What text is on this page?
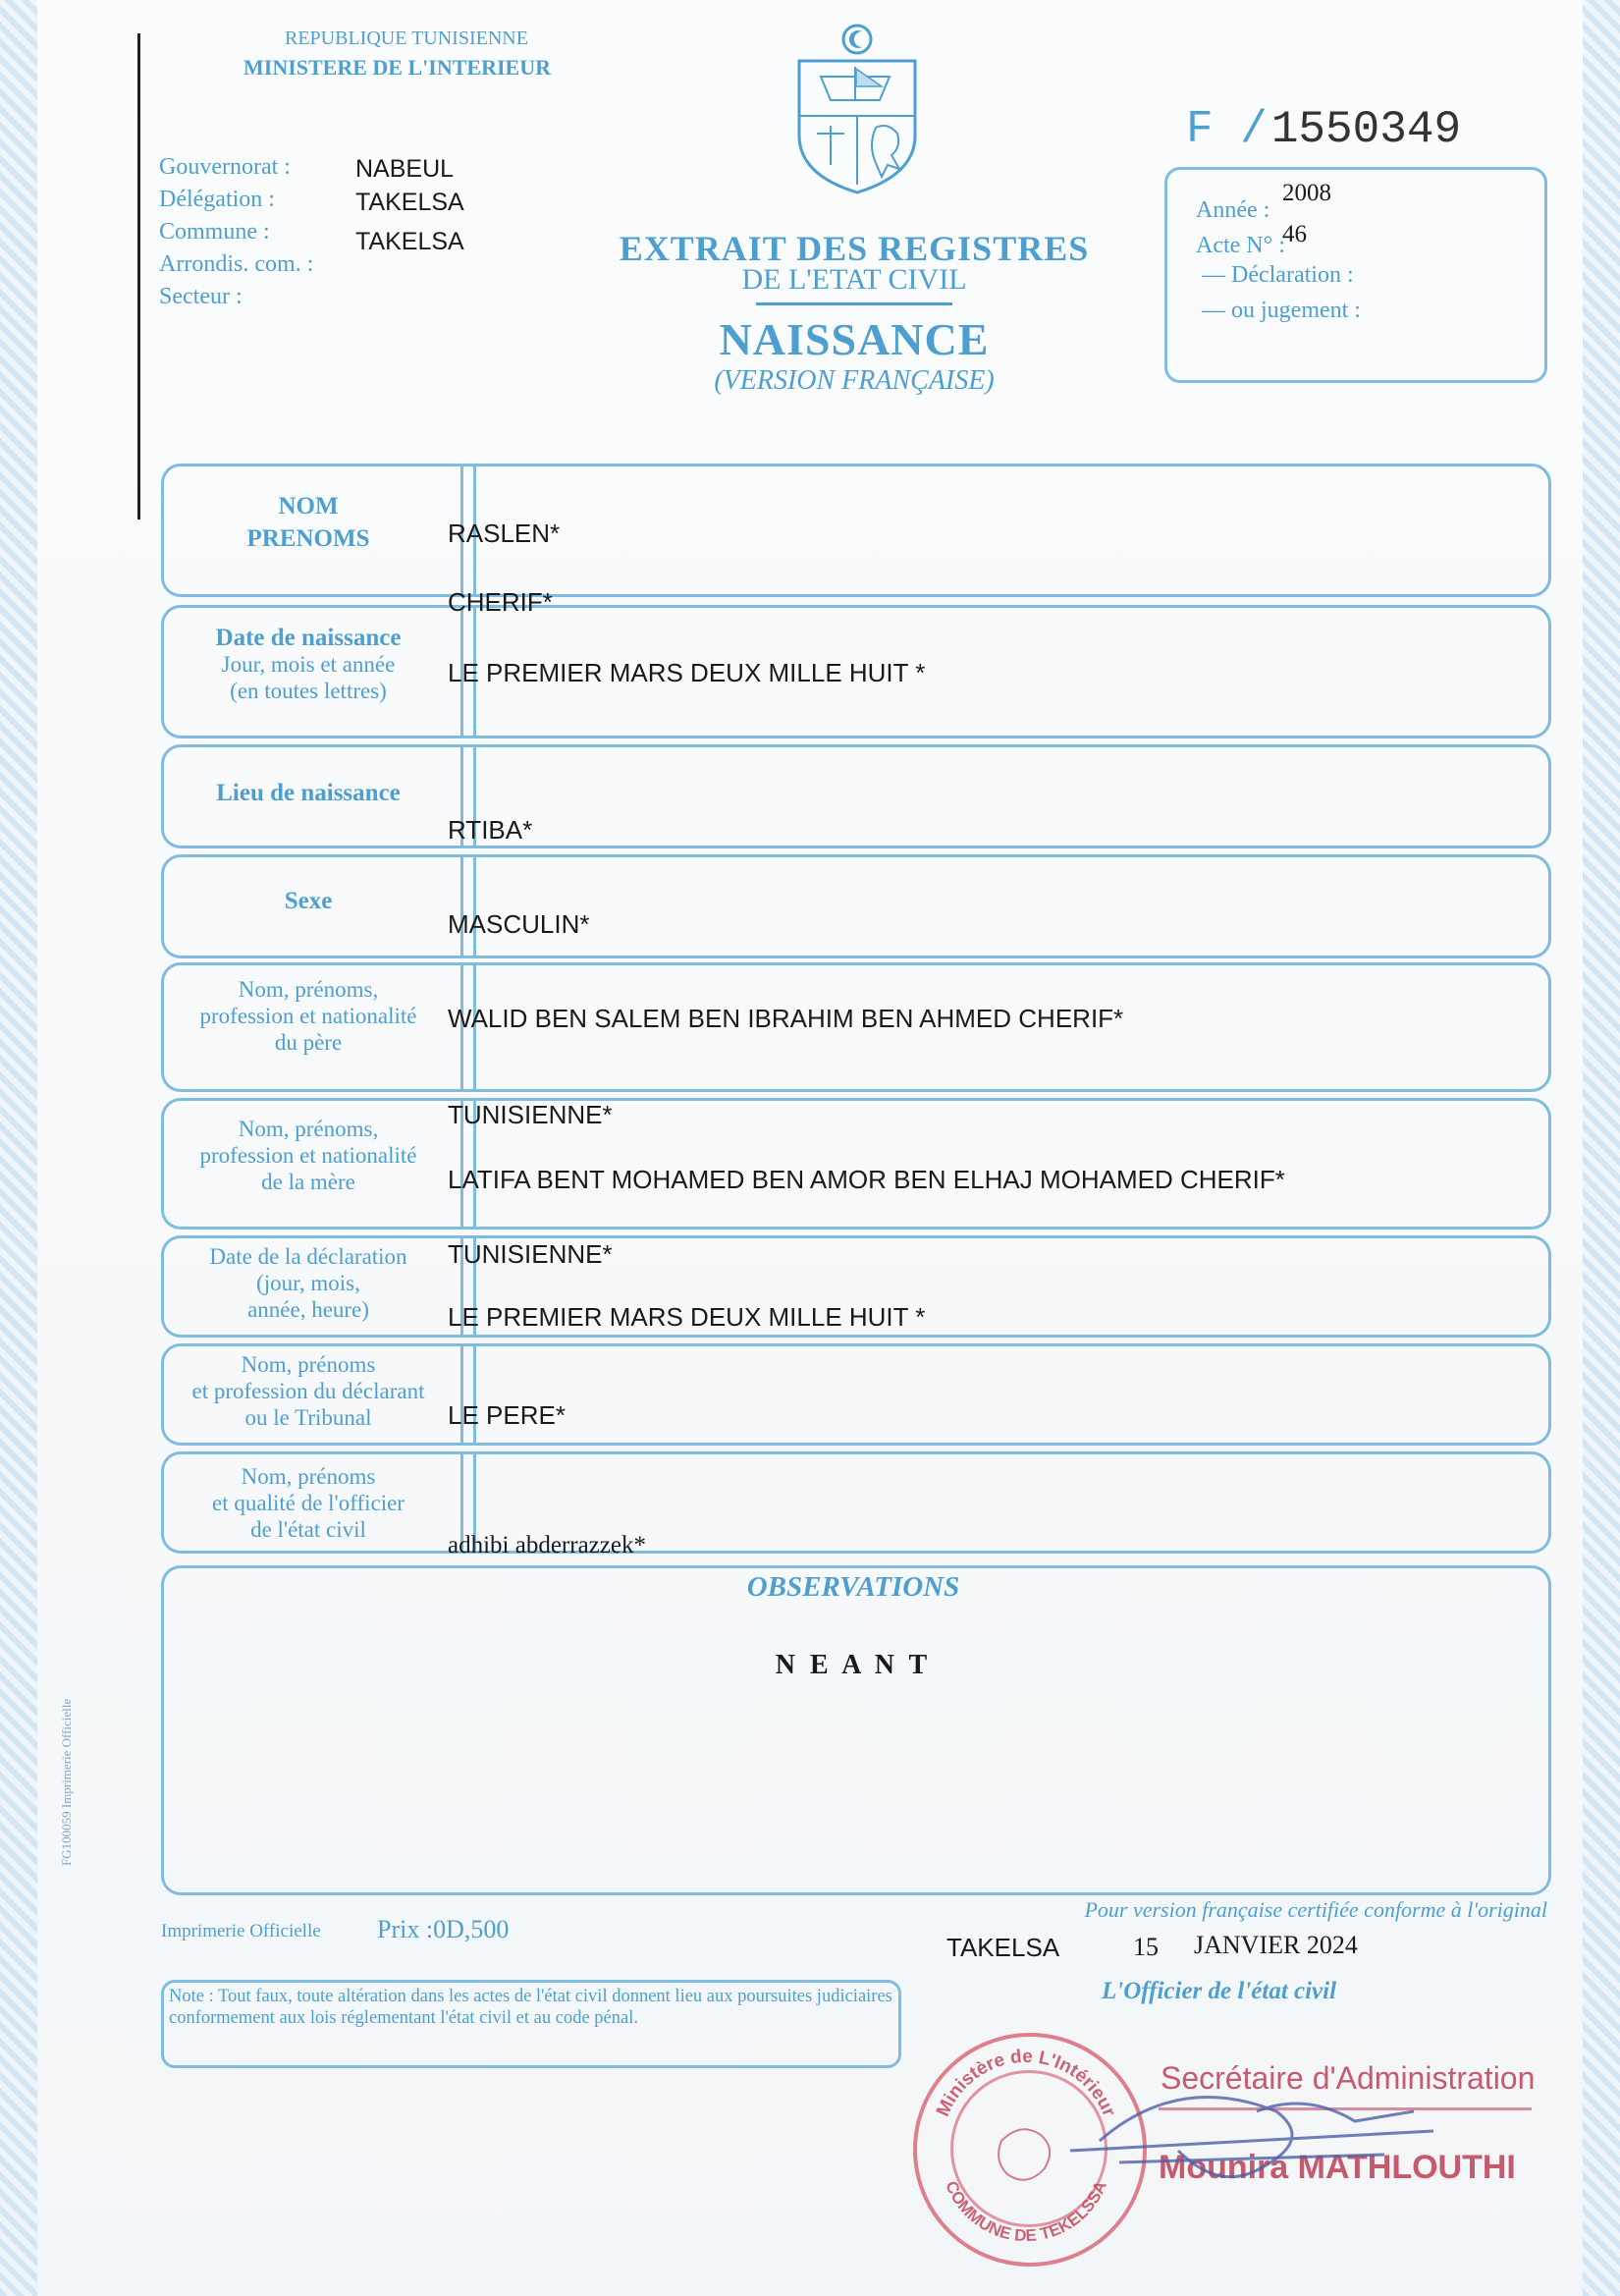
REPUBLIQUE TUNISIENNE
MINISTERE DE L'INTERIEUR
Gouvernorat :
Délégation :
Commune :
Arrondis. com. :
Secteur :
NABEUL
TAKELSA
TAKELSA
F / 1550349
Année :
2008
Acte N° :
46
— Déclaration :
— ou jugement :
EXTRAIT DES REGISTRES
DE L'ETAT CIVIL
NAISSANCE
(VERSION FRANÇAISE)
NOM
PRENOMS
Date de naissance
Jour, mois et année
(en toutes lettres)
Lieu de naissance
Sexe
Nom, prénoms,
profession et nationalité
du père
Nom, prénoms,
profession et nationalité
de la mère
Date de la déclaration
(jour, mois,
année, heure)
Nom, prénoms
et profession du déclarant
ou le Tribunal
Nom, prénoms
et qualité de l'officier
de l'état civil
RASLEN*
CHERIF*
LE PREMIER MARS DEUX MILLE HUIT *
RTIBA*
MASCULIN*
WALID BEN SALEM BEN IBRAHIM BEN AHMED CHERIF*
TUNISIENNE*
LATIFA BENT MOHAMED BEN AMOR BEN ELHAJ MOHAMED CHERIF*
TUNISIENNE*
LE PREMIER MARS DEUX MILLE HUIT *
LE PERE*
adhibi abderrazzek*
OBSERVATIONS
N E A N T
FG100059 Imprimerie Officielle
Imprimerie Officielle Prix :0D,500
Pour version française certifiée conforme à l'original
TAKELSA	15 JANVIER 2024
L'Officier de l'état civil
Note : Tout faux, toute altération dans les actes de l'état civil donnent lieu aux poursuites judiciaires conformement aux lois réglementant l'état civil et au code pénal.
Ministère de L'Intérieur
COMMUNE DE TEKELSSA
Secrétaire d'Administration
Mounira MATHLOUTHI
